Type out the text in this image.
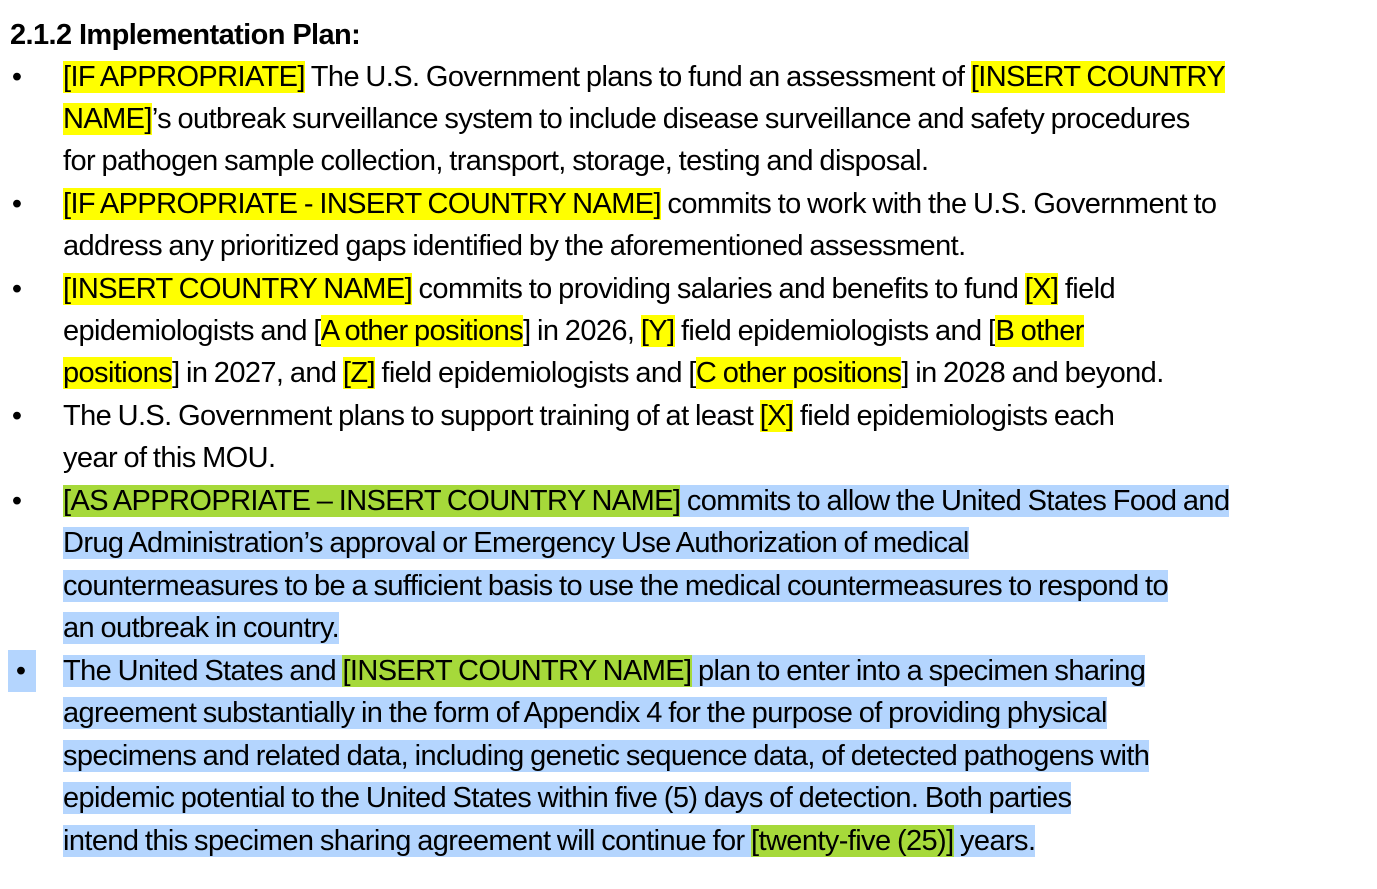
2.1.2 Implementation Plan:
• [IF APPROPRIATE] The U.S. Government plans to fund an assessment of [INSERT COUNTRY
NAME]’s outbreak surveillance system to include disease surveillance and safety procedures
for pathogen sample collection, transport, storage, testing and disposal.
• [IF APPROPRIATE - INSERT COUNTRY NAME] commits to work with the U.S. Government to
address any prioritized gaps identified by the aforementioned assessment.
• [INSERT COUNTRY NAME] commits to providing salaries and benefits to fund [X] field
epidemiologists and [A other positions] in 2026, [Y] field epidemiologists and [B other
positions] in 2027, and [Z] field epidemiologists and [C other positions] in 2028 and beyond.
• The U.S. Government plans to support training of at least [X] field epidemiologists each
year of this MOU.
• [AS APPROPRIATE – INSERT COUNTRY NAME] commits to allow the United States Food and
Drug Administration’s approval or Emergency Use Authorization of medical
countermeasures to be a sufficient basis to use the medical countermeasures to respond to
an outbreak in country.
•	The United States and [INSERT COUNTRY NAME] plan to enter into a specimen sharing
agreement substantially in the form of Appendix 4 for the purpose of providing physical
specimens and related data, including genetic sequence data, of detected pathogens with
epidemic potential to the United States within five (5) days of detection. Both parties
intend this specimen sharing agreement will continue for [twenty-five (25)] years.
